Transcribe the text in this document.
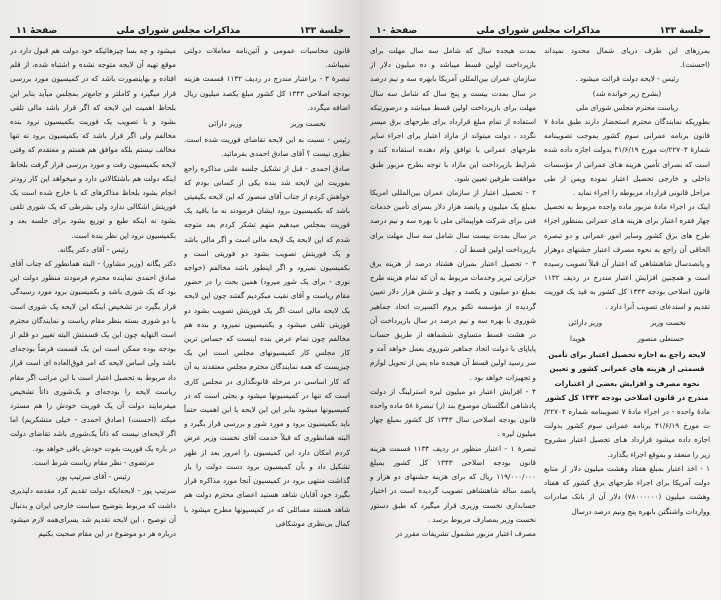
جلسة ۱۳۳
مذاکرات مجلس شورای ملی
صفحهٔ ۱۱

قانون محاسبات عمومی و آئین‌نامه معاملات دولتی نمیباشد.

تبصرهٔ ۳ - براعتبار مندرج در ردیف ۱۱۳۲ قسمت هزینه بودجه اصلاحی ۱۳۴۳ کل کشور مبلغ یکصد میلیون ریال اضافه میگردد.

نخست وزیر
وزیر دارائی

رئیس - نسبت به این لایحه تقاضای فوریت شده است. نظری نیست ؟ آقای صادق احمدی بفرمائید.

صادق احمدی - قبل از تشکیل جلسه علنی مذاکره راجع بفوریت این لایحه شد بنده یکی از کسانی بودم که خواهش کردم از جناب آقای منصور که این لایحه بکیفیتی باشد که بکمیسیون برود ایشان فرمودند نه ما باقید یک فوریت بمجلس میدهیم منهم تشکر کردم بعد متوجه شدم که این لایحه یک لایحه مالی است و اگر مالی باشد و یک فوریتش تصویب بشود دو فوریتی است و بکمیسیون نمیرود و اگر اینطور باشد مخالفم (خواجه نوری - برای یک شور میرود) همین بحث را در حضور مقام ریاست و آقای نقیب میکردیم گفتند چون این لایحه یک لایحه مالی است اگر یک فوریتش تصویب بشود دو فوریتی تلقی میشود و بکمیسیون نمیرود و بنده هم مخالفم چون تمام عرض بنده اینست که حساس ترین کار مجلس کار کمیسیونهای مجلس است این یک چیزیست که همه نمایندگان محترم مجلس معتقدند به آن که کار اساسی در مرحله قانونگذاری در مجلس کاری است که تنها در کمیسیونها میشود و بحثی است که در کمیسیونها میشود بنابر این این لایحه با این اهمیت حتماً باید بکمیسیون برود و مورد شور و بررسی قرار بگیرد و البته همانطوری که قبلاً خدمت آقای نخست وزیر عرض کردم امکان دارد این کمیسیون را امروز بعد از ظهر تشکیل داد و بآن کمیسیون برود دست دولت را باز گذاشت منتهی برود در کمیسیون آنجا مورد مذاکره قرار بگیرد خود آقایان شاهد هستید اعضای محترم دولت هم شاهد هستند مسائلی که در کمیسیونها مطرح میشود با کمال بی‌نظری موشکافی

میشود و چه بسا چیزهائیکه خود دولت هم قبول دارد در موقع تهیه آن لایحه متوجه نشده و اشتباه شده، از قلم افتاده و بهاینصورت باشد که در کمیسیون مورد بررسی قرار میگیرد و کاملتر و جامع‌تر بمجلس میآید بنابر این بلحاظ اهمیت این لایحه که اگر قرار باشد مالی تلقی بشود و با تصویب یک فوریت بکمیسیون نرود بنده مخالفم ولی اگر قرار باشد که بکمیسیون برود نه تنها مخالف نیستم بلکه موافق هم هستم و معتقدم که وقتی لایحه بکمیسیون رفت و مورد بررسی قرار گرفت بلحاظ اینکه دولت هم باشتکالاتی دارد و میخواهد این کار زودتر انجام بشود بلحاظ مذاکرهای که با خارج شده است یک فوریتش اشکالی ندارد ولی بشرطی که یک شوری تلقی بشود نه اینکه طبع و توزیع بشود برای جلسه بعد و بکمیسیون نرود این نظر بنده است.

رئیس - آقای دکتر یگانه.

دکتر یگانه (وزیر مشاور) - البته همانطور که جناب آقای صادق احمدی نماینده محترم فرمودند منظور دولت این بود که یک شوری باشد و بکمیسیون برود مورد رسیدگی قرار بگیرد در تشخیص اینکه این لایحه یک شوری است یا دو شوری بسته بنظر مقام ریاست و نمایندگان محترم است النهایه چون این یک قسمتش البته تغییر دو قلم از بودجه بوده ممکن است این یک قسمت فرضاً بودجه‌ای باشد ولی اساس لایحه که امر فوق‌العاده ای است قرار داد مربوط به تحصیل اعتبار است با این مراتب اگر مقام ریاست لایحه را بودجه‌ای و یک‌شوری ذاتاً تشخیص میفرمایند دولت آن یک فوریت خودش را هم مسترد میکند (احسنت) (صادق احمدی - خیلی متشکریم) اما اگر لایحه‌ای نیست که ذاتاً یک‌شوری باشد تقاضای دولت در باره یک فوریت بقوت خودش باقی خواهد بود.

مرتضوی - نظر مقام ریاست شرط است.

رئیس - آقای سرتیپ پور.

سرتیپ پور - لایحه‌ایکه دولت تقدیم کرد مقدمه دلپذیری داشت که مربوط بتوضیح سیاست خارجی ایران و بدنبال آن توضیح ، این لایحه تقدیم شد بسرای‌همه لازم میشود درباره هر دو موضوع در این مقام صحبت بکنیم

جلسة ۱۳۳
مذاکرات مجلس شورای ملی
صفحهٔ ۱۰

بمرزهای این طرف دریای شمال محدود نمیداند (احسنت).

رئیس - لایحه دولت قرائت میشود .

(بشرح زیر خوانده شد)

ریاست محترم مجلس شورای ملی

بطوریکه نمایندگان محترم استحضار دارند طبق مادهٔ ۷ قانون برنامه عمرانی سوم کشور بموجب تصویبنامه شمارهٔ ۲۲۷۰۴/ت مورخ ۴۱/۶/۱۹ بدولت اجازه داده شده است که بسرای تأمین هزینه هـای عمرانی از مؤسسات داخلی و خارجی تحصیل اعتبار نموده وپس از طی مراحل قانونی قرارداد مربوطه را اجراء نماید .

اینک در اجراء مادهٔ مزبور ماده واحده مربوط به تحصیل چهار فقره اعتبار برای هزینه هـای عمرانی بمنظور اجراء طرح های برق کشور وسایر امور عمرانی و دو تبصره الحاقی آن راجع به نحوه مصرف اعتبار جشنهای دوهزار و پانصدسال شاهنشاهی که اعتبار آن قبلاً تصویب رسیده است و همچنین افزایش اعتبار مندرج در ردیف ۱۱۳۲ قانون اصلاحی بودجه ۱۳۴۳ کل کشور به قید یک فوریت تقدیم و استدعای تصویب آنرا دارد .

نخست وزیر
وزیر دارائی
حسنعلی منصور
هویدا

لایحه راجع به اجازه تحصیل اعتبار برای تأمین قسمتی از هزینه های عمرانی کشور و تعیین نحوه مصرف و افزایش بعضی از اعتبارات مندرج در قانون اصلاحی بودجه ۱۳۴۳ کل کشور

مادهٔ واحده - در اجراء مادهٔ ۷ تصویبنامه شماره ۲۲۷۰۴/ت مورخ ۴۱/۶/۱۹ برنامه عمرانی سوم کشور بدولت اجازه داده میشود قرارداد هـای تحصیل اعتبار مشروح زیر را منعقد و بموقع اجراء بگذارد.

۱ - اخذ اعتبار بمبلغ هفتاد وهشت میلیون دلار از منابع دولت آمریکا برای اجراء طرحهای برق کشور که هفتاد وهشت میلیون (۷۸۰۰۰۰۰۰) دلار آن از بانک صادرات وواردات واشنگتن بابهره پنج ونیم درصد درسال

بمدت هیجده سال که شامل سه سال مهلت برای بازپرداخت اولین قسط میباشد و ده میلیون دلار از سازمان عمران بین‌المللی آمریکا بابهره سه و نیم درصد در سال بمدت بیست و پنج سال که شامل سه سال مهلت برای بازپرداخت اولین قسط میباشد و درصورتیکه استفاده از تمام مبلغ قرارداد برای طرحهای برق میسر نگردد ، دولت میتواند از مازاد اعتبار برای اجراء سایر طرحهای عمرانی با توافق وام دهنده استفاده کند و شرایط بازپرداخت این مازاد با توجه بطرح مزبور طبق موافقت طرفین تعیین شود.

۲ - تحصیل اعتبار از سازمان عمران بین‌المللی امریکا بمبلغ یک میلیون و پانصد هزار دلار بسرای تأمین خدمات فنی برای شرکت هواپیمائی ملی با بهره سه و نیم درصد در سال بمدت بیست سال شامل سه سال مهلت برای بازپرداخت اولین قسط آن .

۳ - تحصیل اعتبار بمیزان هشتاد درصد از هزینه برق حرارتی تبریز وخدمات مربوط به آن که تمام هزینه طرح بمبلغ دو میلیون و یکصد و چهل و شش هزار دلار تعیین گردیده از مؤسسه تکنو پروم اکسپرت اتحاد جماهیر شوروی با بهره سه و نیم درصد در سال بازپرداخت آن در هشت قسط متساوی ششماهه از طریق حساب پایاپای با دولت اتحاد جماهیر شوروی بعمل خواهد آمد و سر رسید اولین قسط آن هیجده ماه پس از تحویل لوازم و تجهیزات خواهد بود .

۴ - افزایش اعتبار دو میلیون لیره استرلینگ از دولت پادشاهی انگلستان موضوع بند (ز) تبصرهٔ ۵۸ ماده واحده قانون بودجه اصلاحی سال ۱۳۴۳ کل کشور بمبلغ چهار میلیون لیره .

تبصرهٔ ۱ - اعتبار منظور در ردیف ۱۱۳۴ قسمت هزینه قانون بودجه اصلاحی ۱۳۴۳ کل کشور بمبلغ ۱۱۹/۰۰۰/۰۰۰ ریال که برای هزینه جشنهای دو هزار و پانصد ساله شاهنشاهی تصویب گردیده است در اختیار حسابداری نخست وزیری قرار میگیرد که طبق دستور نخست وزیر بمصارف مربوط برسد .

مصرف اعتبار مزبور مشمول تشریفات مقرر در
